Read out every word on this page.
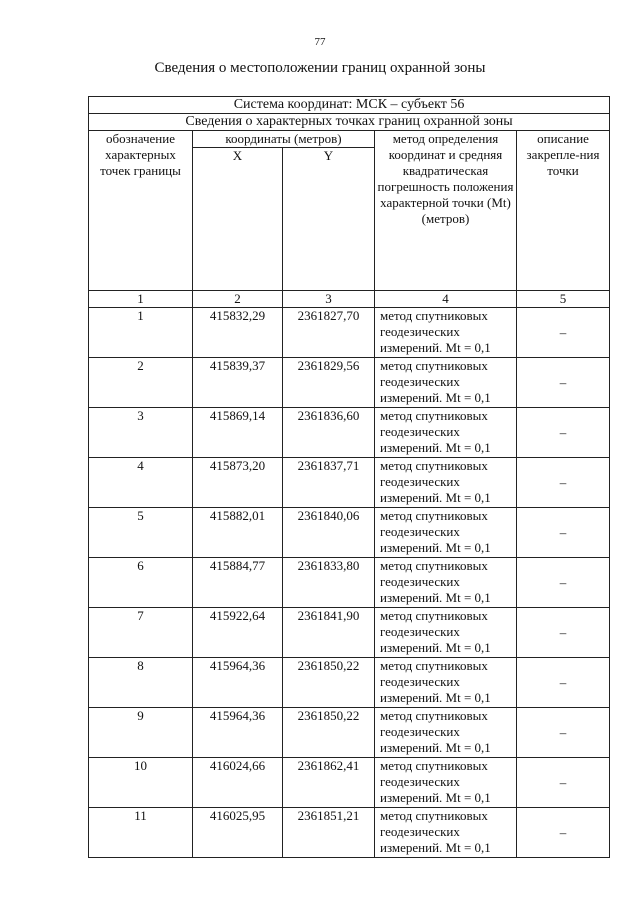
77
Сведения о местоположении границ охранной зоны
Система координат: МСК – субъект 56				
Сведения о характерных точках границ охранной зоны				
обозначение характерных точек границы	координаты (метров)		метод определения координат и средняя квадратическая погрешность положения характерной точки (Mt) (метров)	описание закрепле-ния точки
	X	Y		
1	2	3	4	5
1	415832,29	2361827,70	метод спутниковых геодезических измерений. Mt = 0,1	–
2	415839,37	2361829,56	метод спутниковых геодезических измерений. Mt = 0,1	–
3	415869,14	2361836,60	метод спутниковых геодезических измерений. Mt = 0,1	–
4	415873,20	2361837,71	метод спутниковых геодезических измерений. Mt = 0,1	–
5	415882,01	2361840,06	метод спутниковых геодезических измерений. Mt = 0,1	–
6	415884,77	2361833,80	метод спутниковых геодезических измерений. Mt = 0,1	–
7	415922,64	2361841,90	метод спутниковых геодезических измерений. Mt = 0,1	–
8	415964,36	2361850,22	метод спутниковых геодезических измерений. Mt = 0,1	–
9	415964,36	2361850,22	метод спутниковых геодезических измерений. Mt = 0,1	–
10	416024,66	2361862,41	метод спутниковых геодезических измерений. Mt = 0,1	–
11	416025,95	2361851,21	метод спутниковых геодезических измерений. Mt = 0,1	–
